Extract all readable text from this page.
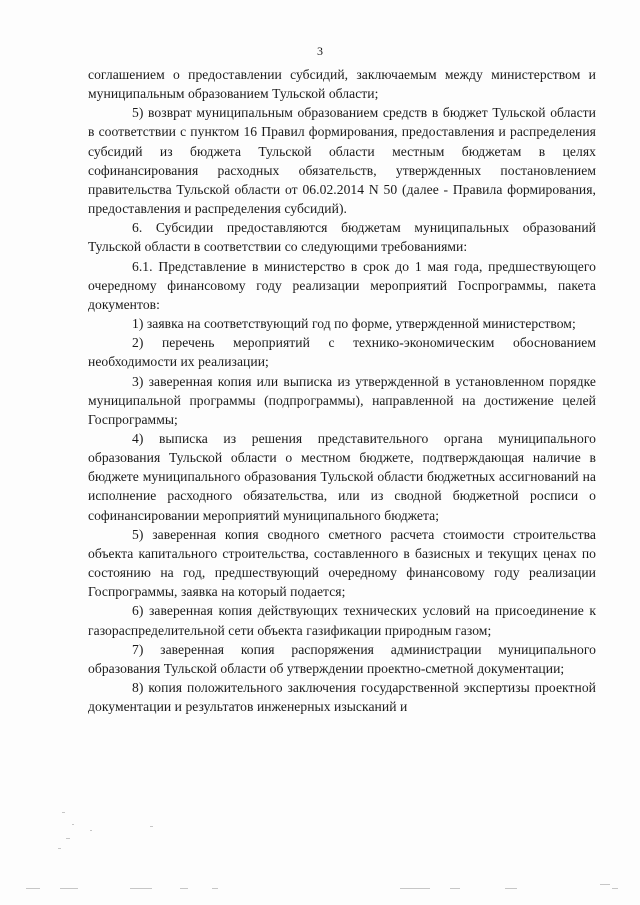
3

соглашением о предоставлении субсидий, заключаемым между министерством и муниципальным образованием Тульской области;

5) возврат муниципальным образованием средств в бюджет Тульской области в соответствии с пунктом 16 Правил формирования, предоставления и распределения субсидий из бюджета Тульской области местным бюджетам в целях софинансирования расходных обязательств, утвержденных постановлением правительства Тульской области от 06.02.2014 N 50 (далее - Правила формирования, предоставления и распределения субсидий).

6. Субсидии предоставляются бюджетам муниципальных образований Тульской области в соответствии со следующими требованиями:

6.1. Представление в министерство в срок до 1 мая года, предшествующего очередному финансовому году реализации мероприятий Госпрограммы, пакета документов:

1) заявка на соответствующий год по форме, утвержденной министерством;

2) перечень мероприятий с технико-экономическим обоснованием необходимости их реализации;

3) заверенная копия или выписка из утвержденной в установленном порядке муниципальной программы (подпрограммы), направленной на достижение целей Госпрограммы;

4) выписка из решения представительного органа муниципального образования Тульской области о местном бюджете, подтверждающая наличие в бюджете муниципального образования Тульской области бюджетных ассигнований на исполнение расходного обязательства, или из сводной бюджетной росписи о софинансировании мероприятий муниципального бюджета;

5) заверенная копия сводного сметного расчета стоимости строительства объекта капитального строительства, составленного в базисных и текущих ценах по состоянию на год, предшествующий очередному финансовому году реализации Госпрограммы, заявка на который подается;

6) заверенная копия действующих технических условий на присоединение к газораспределительной сети объекта газификации природным газом;

7) заверенная копия распоряжения администрации муниципального образования Тульской области об утверждении проектно-сметной документации;

8) копия положительного заключения государственной экспертизы проектной документации и результатов инженерных изысканий и
